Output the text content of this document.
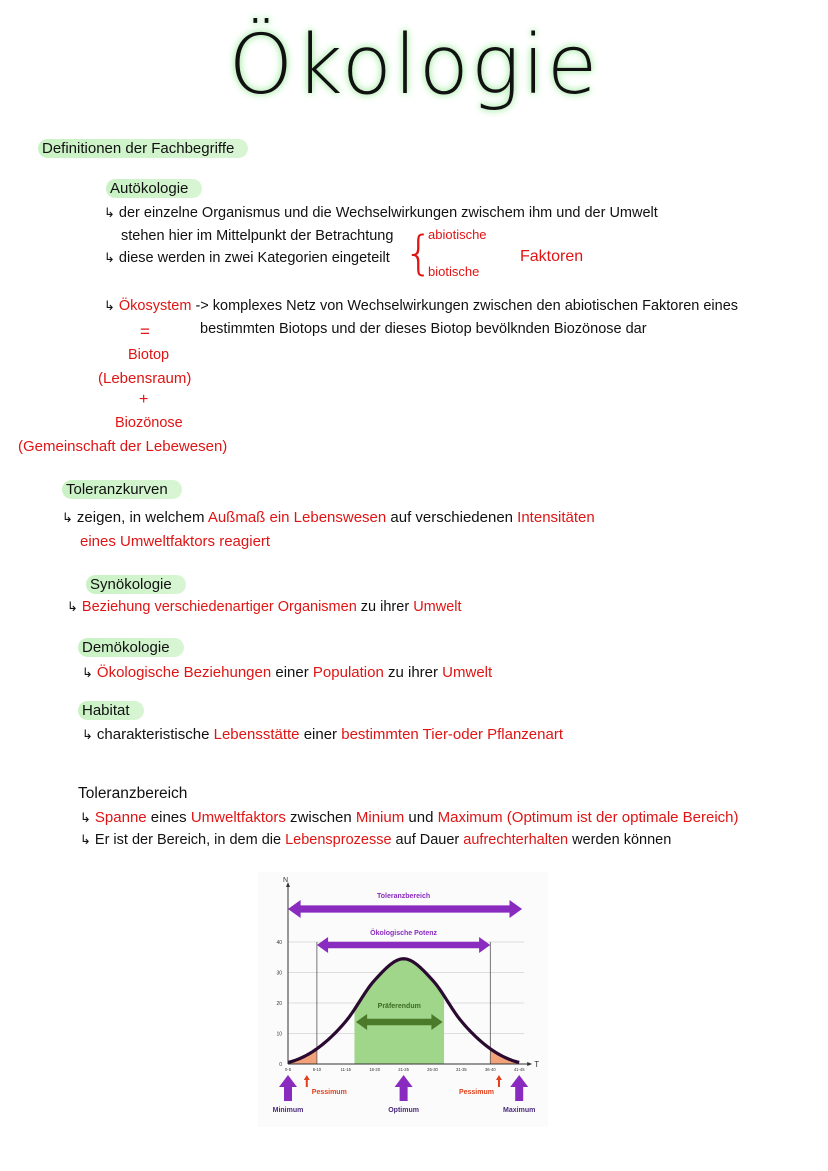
Ökologie
Definitionen der Fachbegriffe
Autökologie
↳der einzelne Organismus und die Wechselwirkungen zwischem ihm und der Umwelt
stehen hier im Mittelpunkt der Betrachtung
↳diese werden in zwei Kategorien eingeteilt {
abiotische
biotische
Faktoren
↳Ökosystem -> komplexes Netz von Wechselwirkungen zwischen den abiotischen Faktoren eines
bestimmten Biotops und der dieses Biotop bevölknden Biozönose dar
=
Biotop
(Lebensraum)
+
Biozönose
(Gemeinschaft der Lebewesen)
Toleranzkurven
↳zeigen, in welchem Außmaß ein Lebenswesen auf verschiedenen Intensitäten
eines Umweltfaktors reagiert
Synökologie
↳Beziehung verschiedenartiger Organismen zu ihrer Umwelt
Demökologie
↳Ökologische Beziehungen einer Population zu ihrer Umwelt
Habitat
↳charakteristische Lebensstätte einer bestimmten Tier-oder Pflanzenart
Toleranzbereich
↳Spanne eines Umweltfaktors zwischen Minium und Maximum (Optimum ist der optimale Bereich)
↳Er ist der Bereich, in dem die Lebensprozesse auf Dauer aufrechterhalten werden können
0
10
20
30
40
N
T
Toleranzbereich
Ökologische Potenz
Präferendum
Minimum	Optimum	Maximum
Pessimum	Pessimum
0-5	6-10	11-15	16-20	21-25	26-30	31-35	36-40	41-45
